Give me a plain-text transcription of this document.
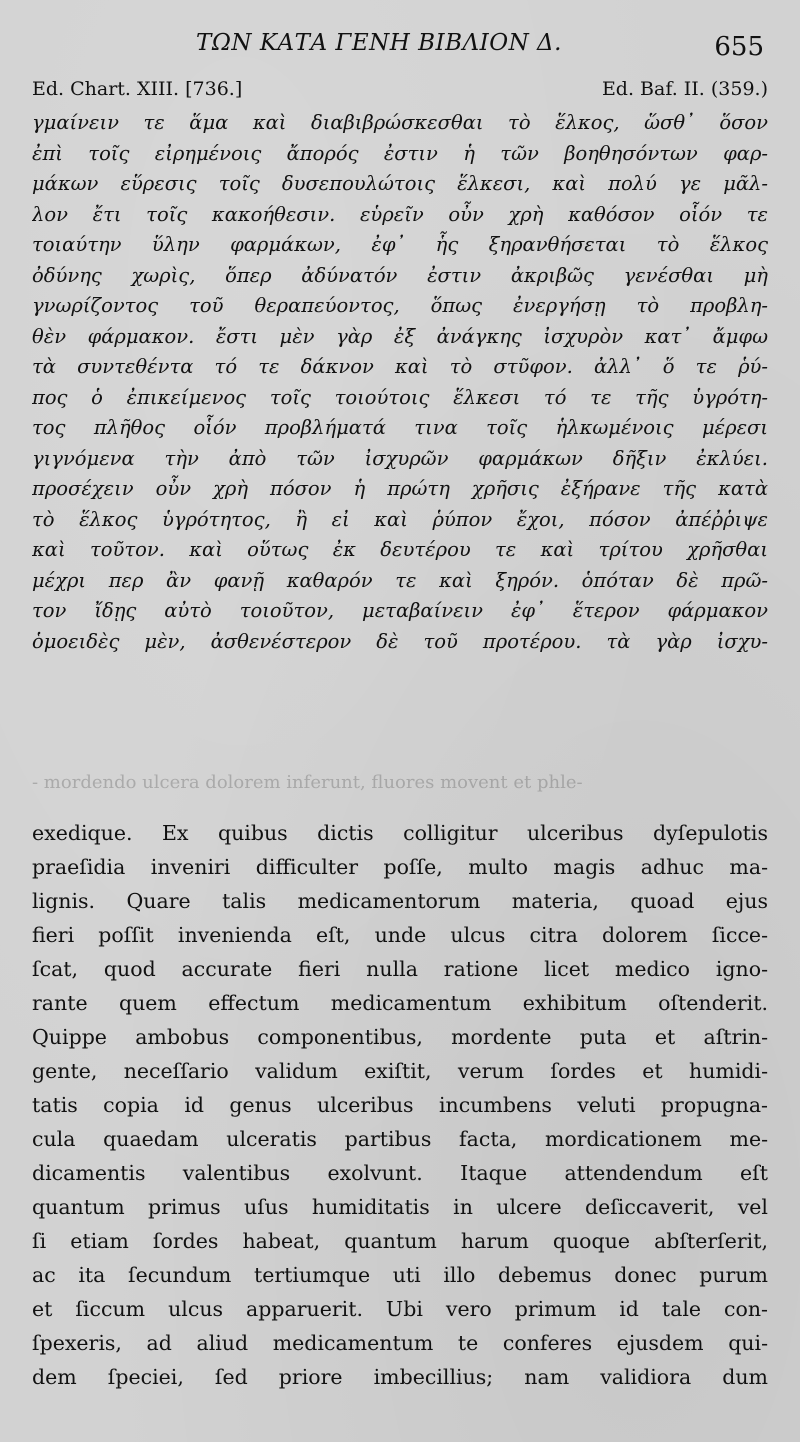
ΤΩΝ ΚΑΤΑ ΓΕΝΗ ΒΙΒΛΙΟΝ Δ.	655
Ed. Chart. XIII. [736.]	Ed. Baf. II. (359.)
γμαίνειν τε ἅμα καὶ διαβιβρώσκεσθαι τὸ ἕλκος, ὥσθ᾿ ὅσον
ἐπὶ τοῖς εἰρημένοις ἄπορός ἐστιν ἡ τῶν βοηθησόντων φαρ-
μάκων εὕρεσις τοῖς δυσεπουλώτοις ἕλκεσι, καὶ πολύ γε μᾶλ-
λον ἔτι τοῖς κακοήθεσιν. εὑρεῖν οὖν χρὴ καθόσον οἷόν τε
τοιαύτην ὕλην φαρμάκων, ἐφ᾿ ἧς ξηρανθήσεται τὸ ἕλκος
ὀδύνης χωρὶς, ὅπερ ἀδύνατόν ἐστιν ἀκριβῶς γενέσθαι μὴ
γνωρίζοντος τοῦ θεραπεύοντος, ὅπως ἐνεργήσῃ τὸ προβλη-
θὲν φάρμακον. ἔστι μὲν γὰρ ἐξ ἀνάγκης ἰσχυρὸν κατ᾿ ἄμφω
τὰ συντεθέντα τό τε δάκνον καὶ τὸ στῦφον. ἀλλ᾿ ὅ τε ῥύ-
πος ὁ ἐπικείμενος τοῖς τοιούτοις ἕλκεσι τό τε τῆς ὑγρότη-
τος πλῆθος οἷόν προβλήματά τινα τοῖς ἡλκωμένοις μέρεσι
γιγνόμενα τὴν ἀπὸ τῶν ἰσχυρῶν φαρμάκων δῆξιν ἐκλύει.
προσέχειν οὖν χρὴ πόσον ἡ πρώτη χρῆσις ἐξήρανε τῆς κατὰ
τὸ ἕλκος ὑγρότητος, ἢ εἰ καὶ ῥύπον ἔχοι, πόσον ἀπέῤῥιψε
καὶ τοῦτον. καὶ οὕτως ἐκ δευτέρου τε καὶ τρίτου χρῆσθαι
μέχρι περ ἂν φανῇ καθαρόν τε καὶ ξηρόν. ὁπόταν δὲ πρῶ-
τον ἴδῃς αὐτὸ τοιοῦτον, μεταβαίνειν ἐφ᾿ ἕτερον φάρμακον
ὁμοειδὲς μὲν, ἀσθενέστερον δὲ τοῦ προτέρου. τὰ γὰρ ἰσχυ-
- mordendo ulcera dolorem inferunt, fluores movent et phle-
exedique. Ex quibus dictis colligitur ulceribus dyſepulotis
praeſidia inveniri difficulter poſſe, multo magis adhuc ma-
lignis. Quare talis medicamentorum materia, quoad ejus
fieri poſſit invenienda eſt, unde ulcus citra dolorem ſicce-
ſcat, quod accurate fieri nulla ratione licet medico igno-
rante quem effectum medicamentum exhibitum oſtenderit.
Quippe ambobus componentibus, mordente puta et aſtrin-
gente, neceſſario validum exiſtit, verum ſordes et humidi-
tatis copia id genus ulceribus incumbens veluti propugna-
cula quaedam ulceratis partibus facta, mordicationem me-
dicamentis valentibus exolvunt. Itaque attendendum eſt
quantum primus uſus humiditatis in ulcere deſiccaverit, vel
ſi etiam ſordes habeat, quantum harum quoque abſterſerit,
ac ita ſecundum tertiumque uti illo debemus donec purum
et ſiccum ulcus apparuerit. Ubi vero primum id tale con-
ſpexeris, ad aliud medicamentum te conferes ejusdem qui-
dem ſpeciei, ſed priore imbecillius; nam validiora dum
